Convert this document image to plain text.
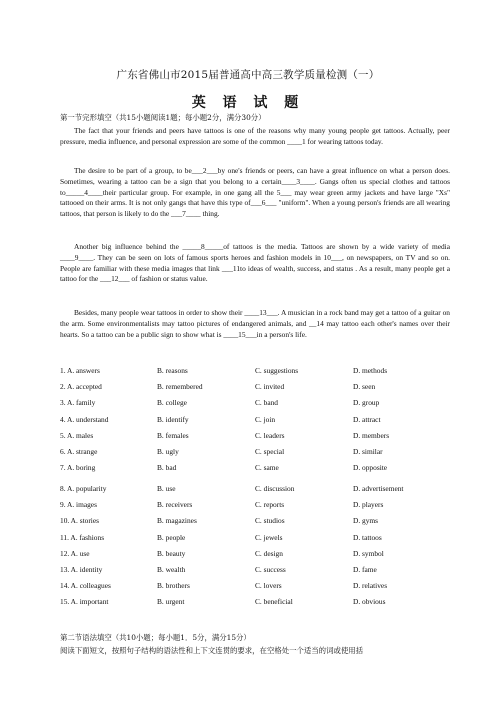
广东省佛山市2015届普通高中高三教学质量检测（一）
英 语 试 题
第一节完形填空（共15小题阅读1题；每小题2分，满分30分）
The fact that your friends and peers have tattoos is one of the reasons why many young people get tattoos. Actually, peer pressure, media influence, and personal expression are some of the common ____1 for wearing tattoos today.
The desire to be part of a group, to be___2___by one's friends or peers, can have a great influence on what a person does. Sometimes, wearing a tattoo can be a sign that you belong to a certain____3____. Gangs often us special clothes and tattoos to_____4____their particular group. For example, in one gang all the 5___ may wear green army jackets and have large "Xs" tattooed on their arms. It is not only gangs that have this type of___6___ "uniform". When a young person's friends are all wearing tattoos, that person is likely to do the ___7____ thing.
Another big influence behind the _____8_____of tattoos is the media. Tattoos are shown by a wide variety of media ____9____. They can be seen on lots of famous sports heroes and fashion models in 10___, on newspapers, on TV and so on. People are familiar with these media images that link ___11to ideas of wealth, success, and status . As a result, many people get a tattoo for the ___12___ of fashion or status value.
Besides, many people wear tattoos in order to show their ____13___. A musician in a rock band may get a tattoo of a guitar on the arm. Some environmentalists may tattoo pictures of endangered animals, and __14 may tattoo each other's names over their hearts. So a tattoo can be a public sign to show what is ____15___in a person's life.
1. A. answers	B. reasons	C. suggestions	D. methods
2. A. accepted	B. remembered	C. invited	D. seen
3. A. family	B. college	C. band	D. group
4. A. understand	B. identify	C. join	D. attract
5. A. males	B. females	C. leaders	D. members
6. A. strange	B. ugly	C. special	D. similar
7. A. boring	B. bad	C. same	D. opposite
8. A. popularity	B. use	C. discussion	D. advertisement
9. A. images	B. receivers	C. reports	D. players
10. A. stories	B. magazines	C. studios	D. gyms
11. A. fashions	B. people	C. jewels	D. tattoos
12. A. use	B. beauty	C. design	D. symbol
13. A. identity	B. wealth	C. success	D. fame
14. A. colleagues	B. brothers	C. lovers	D. relatives
15. A. important	B. urgent	C. beneficial	D. obvious
第二节语法填空（共10小题；每小题1．5分，满分15分）
阅读下面短文，按照句子结构的语法性和上下文连贯的要求，在空格处一个适当的词或使用括
